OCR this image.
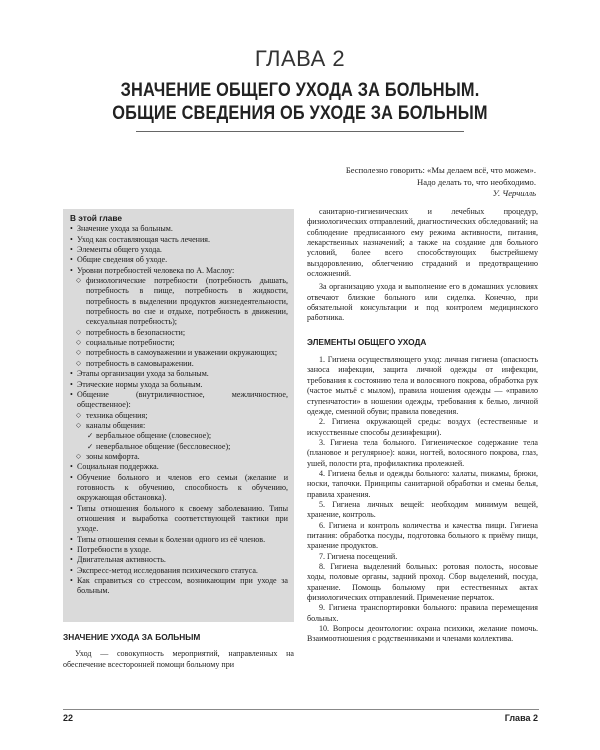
ГЛАВА 2
ЗНАЧЕНИЕ ОБЩЕГО УХОДА ЗА БОЛЬНЫМ.
ОБЩИЕ СВЕДЕНИЯ ОБ УХОДЕ ЗА БОЛЬНЫМ
Бесполезно говорить: «Мы делаем всё, что можем».
Надо делать то, что необходимо.
У. Черчилль
В этой главе
• Значение ухода за больным.
• Уход как составляющая часть лечения.
• Элементы общего ухода.
• Общие сведения об уходе.
• Уровни потребностей человека по А. Маслоу:
◇ физиологические потребности (потребность дышать, потребность в пище, потребность в жидкости, потребность в выделении продуктов жизнедеятельности, потребность во сне и отдыхе, потребность в движении, сексуальная потребность);
◇ потребность в безопасности;
◇ социальные потребности;
◇ потребность в самоуважении и уважении окружающих;
◇ потребность в самовыражении.
• Этапы организации ухода за больным.
• Этические нормы ухода за больным.
• Общение (внутриличностное, межличностное, общественное):
◇ техника общения;
◇ каналы общения:
✓ вербальное общение (словесное);
✓ невербальное общение (бессловесное);
◇ зоны комфорта.
• Социальная поддержка.
• Обучение больного и членов его семьи (желание и готовность к обучению, способность к обучению, окружающая обстановка).
• Типы отношения больного к своему заболеванию. Типы отношения и выработка соответствующей тактики при уходе.
• Типы отношения семьи к болезни одного из её членов.
• Потребности в уходе.
• Двигательная активность.
• Экспресс-метод исследования психического статуса.
• Как справиться со стрессом, возникающим при уходе за больным.
ЗНАЧЕНИЕ УХОДА ЗА БОЛЬНЫМ

Уход — совокупность мероприятий, направленных на обеспечение всесторонней помощи больному при

санитарно-гигиенических и лечебных процедур, физиологических отправлений, диагностических обследований; на соблюдение предписанного ему режима активности, питания, лекарственных назначений; а также на создание для больного условий, более всего способствующих быстрейшему выздоровлению, облегчению страданий и предотвращению осложнений.

За организацию ухода и выполнение его в домашних условиях отвечают близкие больного или сиделка. Конечно, при обязательной консультации и под контролем медицинского работника.

ЭЛЕМЕНТЫ ОБЩЕГО УХОДА

1. Гигиена осуществляющего уход: личная гигиена (опасность заноса инфекции, защита личной одежды от инфекции, требования к состоянию тела и волосяного покрова, обработка рук (частое мытьё с мылом), правила ношения одежды — «правило ступенчатости» в ношении одежды, требования к белью, личной одежде, сменной обуви; правила поведения.

2. Гигиена окружающей среды: воздух (естественные и искусственные способы дезинфекции).

3. Гигиена тела больного. Гигиеническое содержание тела (плановое и регулярное): кожи, ногтей, волосяного покрова, глаз, ушей, полости рта, профилактика пролежней.

4. Гигиена белья и одежды больного: халаты, пижамы, брюки, носки, тапочки. Принципы санитарной обработки и смены белья, правила хранения.

5. Гигиена личных вещей: необходим минимум вещей, хранение, контроль.

6. Гигиена и контроль количества и качества пищи. Гигиена питания: обработка посуды, подготовка больного к приёму пищи, хранение продуктов.

7. Гигиена посещений.

8. Гигиена выделений больных: ротовая полость, носовые ходы, половые органы, задний проход. Сбор выделений, посуда, хранение. Помощь больному при естественных актах физиологических отправлений. Применение перчаток.

9. Гигиена транспортировки больного: правила перемещения больных.

10. Вопросы деонтологии: охрана психики, желание помочь. Взаимоотношения с родственниками и членами коллектива.

22	Глава 2
